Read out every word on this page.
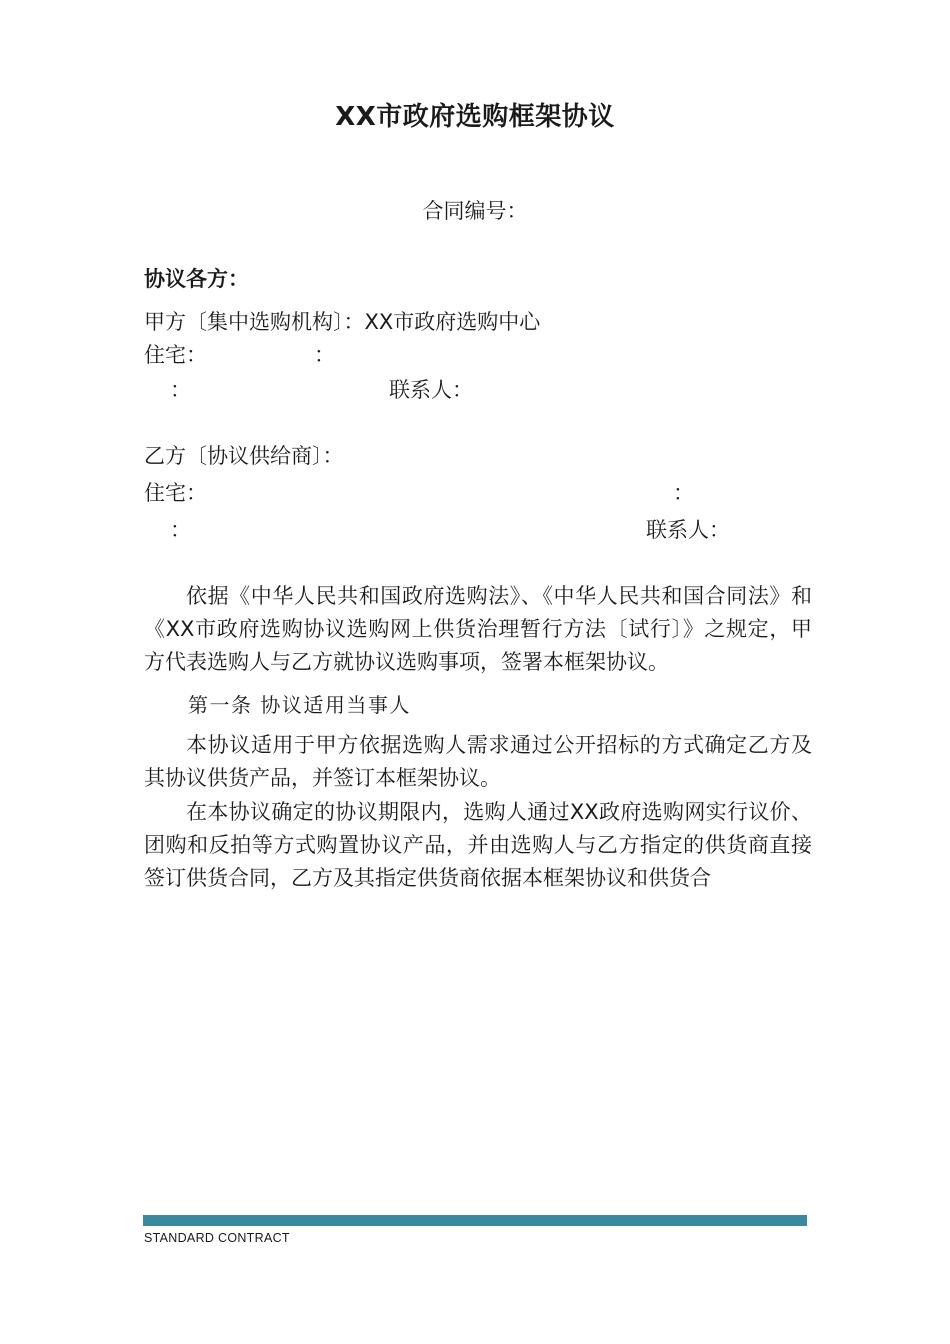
XX市政府选购框架协议
合同编号：
协议各方：
甲方〔集中选购机构〕：XX市政府选购中心
住宅：	：
：	联系人：
乙方〔协议供给商〕：
住宅：	：
：	联系人：
依据《中华人民共和国政府选购法》、《中华人民共和国合同法》和《XX市政府选购协议选购网上供货治理暂行方法〔试行〕》之规定，甲方代表选购人与乙方就协议选购事项，签署本框架协议。
第一条 协议适用当事人
本协议适用于甲方依据选购人需求通过公开招标的方式确定乙方及其协议供货产品，并签订本框架协议。
在本协议确定的协议期限内，选购人通过XX政府选购网实行议价、团购和反拍等方式购置协议产品，并由选购人与乙方指定的供货商直接签订供货合同，乙方及其指定供货商依据本框架协议和供货合
STANDARD CONTRACT
